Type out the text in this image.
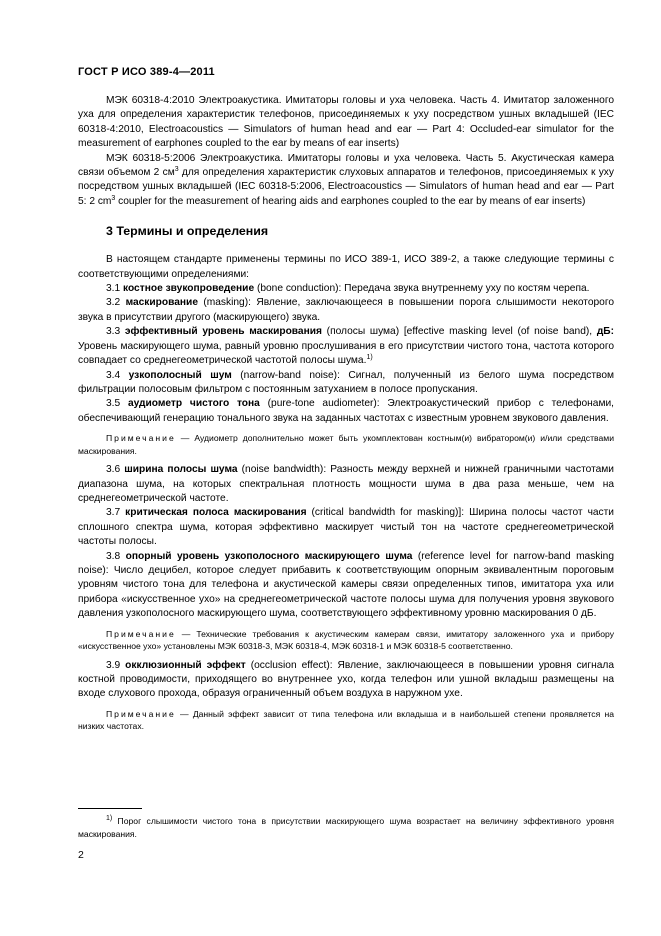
ГОСТ Р ИСО 389-4—2011

МЭК 60318-4:2010 Электроакустика. Имитаторы головы и уха человека. Часть 4. Имитатор заложенного уха для определения характеристик телефонов, присоединяемых к уху посредством ушных вкладышей (IEC 60318-4:2010, Electroacoustics — Simulators of human head and ear — Part 4: Occluded-ear simulator for the measurement of earphones coupled to the ear by means of ear inserts)

МЭК 60318-5:2006 Электроакустика. Имитаторы головы и уха человека. Часть 5. Акустическая камера связи объемом 2 $см^3$ для определения характеристик слуховых аппаратов и телефонов, присоединяемых к уху посредством ушных вкладышей (IEC 60318-5:2006, Electroacoustics — Simulators of human head and ear — Part 5: 2 $cm^3$ coupler for the measurement of hearing aids and earphones coupled to the ear by means of ear inserts)

3 Термины и определения

В настоящем стандарте применены термины по ИСО 389-1, ИСО 389-2, а также следующие термины с соответствующими определениями:

3.1 костное звукопроведение (bone conduction): Передача звука внутреннему уху по костям черепа.

3.2 маскирование (masking): Явление, заключающееся в повышении порога слышимости некоторого звука в присутствии другого (маскирующего) звука.

3.3 эффективный уровень маскирования (полосы шума) [effective masking level (of noise band), дБ: Уровень маскирующего шума, равный уровню прослушивания в его присутствии чистого тона, частота которого совпадает со среднегеометрической частотой полосы шума.$^{1)}$

3.4 узкополосный шум (narrow-band noise): Сигнал, полученный из белого шума посредством фильтрации полосовым фильтром с постоянным затуханием в полосе пропускания.

3.5 аудиометр чистого тона (pure-tone audiometer): Электроакустический прибор с телефонами, обеспечивающий генерацию тонального звука на заданных частотах с известным уровнем звукового давления.

Примечание — Аудиометр дополнительно может быть укомплектован костным(и) вибратором(и) и/или средствами маскирования.

3.6 ширина полосы шума (noise bandwidth): Разность между верхней и нижней граничными частотами диапазона шума, на которых спектральная плотность мощности шума в два раза меньше, чем на среднегеометрической частоте.

3.7 критическая полоса маскирования (critical bandwidth for masking)]: Ширина полосы частот части сплошного спектра шума, которая эффективно маскирует чистый тон на частоте среднегеометрической частоты полосы.

3.8 опорный уровень узкополосного маскирующего шума (reference level for narrow-band masking noise): Число децибел, которое следует прибавить к соответствующим опорным эквивалентным пороговым уровням чистого тона для телефона и акустической камеры связи определенных типов, имитатора уха или прибора «искусственное ухо» на среднегеометрической частоте полосы шума для получения уровня звукового давления узкополосного маскирующего шума, соответствующего эффективному уровню маскирования 0 дБ.

Примечание — Технические требования к акустическим камерам связи, имитатору заложенного уха и прибору «искусственное ухо» установлены МЭК 60318-3, МЭК 60318-4, МЭК 60318-1 и МЭК 60318-5 соответственно.

3.9 окклюзионный эффект (occlusion effect): Явление, заключающееся в повышении уровня сигнала костной проводимости, приходящего во внутреннее ухо, когда телефон или ушной вкладыш размещены на входе слухового прохода, образуя ограниченный объем воздуха в наружном ухе.

Примечание — Данный эффект зависит от типа телефона или вкладыша и в наибольшей степени проявляется на низких частотах.

$^{1)}$ Порог слышимости чистого тона в присутствии маскирующего шума возрастает на величину эффективного уровня маскирования.
2
